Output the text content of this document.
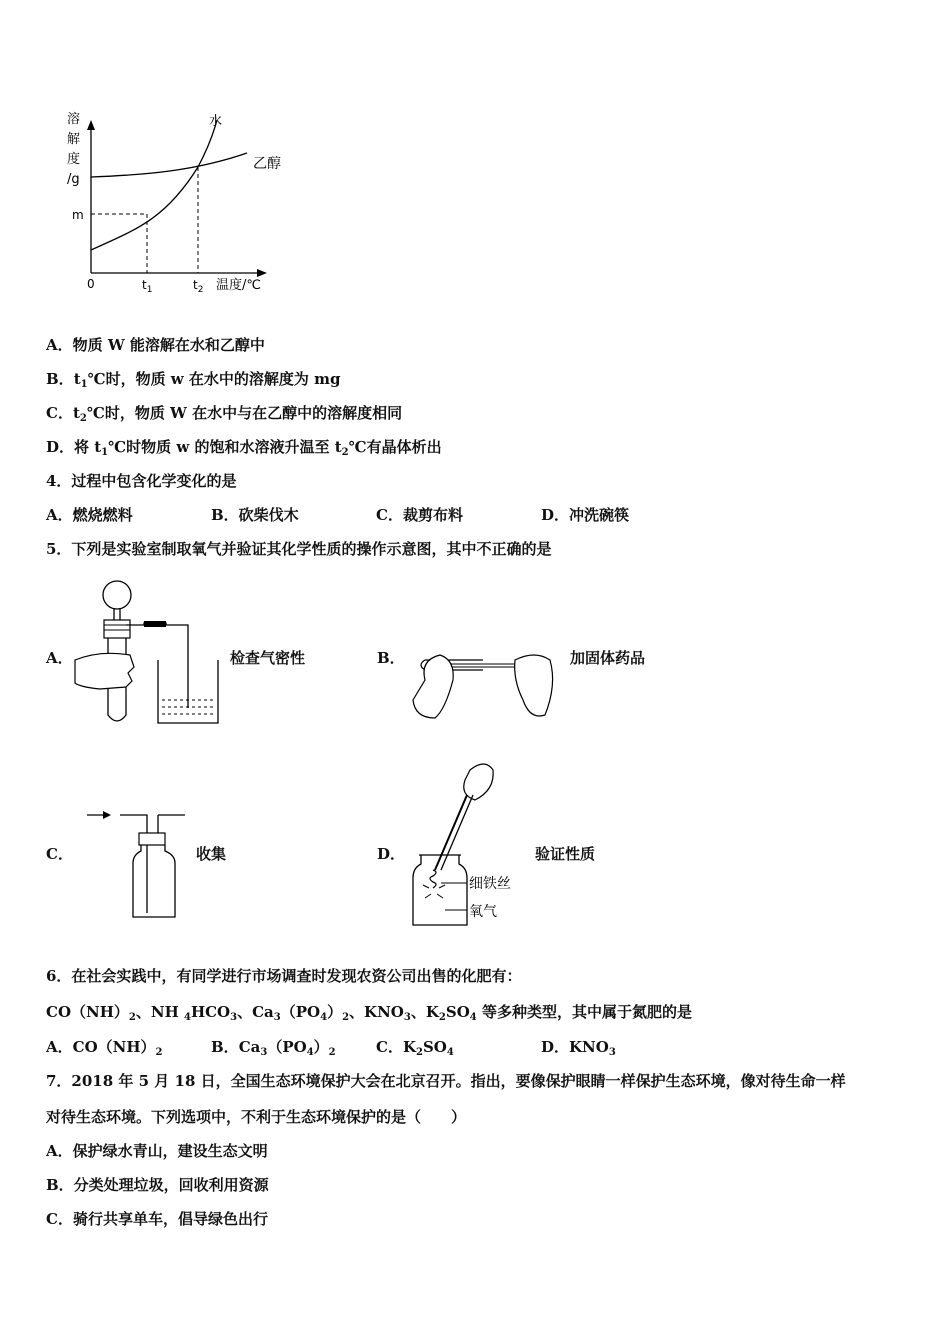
溶
解
度
/g
m
0	$t_1$	$t_2$ 温度/℃
水
乙醇
A．物质 W 能溶解在水和乙醇中
B．$t_1℃$时，物质 w 在水中的溶解度为 mg
C．$t_2℃$时，物质 W 在水中与在乙醇中的溶解度相同
D．将 $t_1℃$时物质 w 的饱和水溶液升温至 $t_2℃$有晶体析出
4．过程中包含化学变化的是
A．燃烧燃料	B．砍柴伐木	C．裁剪布料	D．冲洗碗筷
5．下列是实验室制取氧气并验证其化学性质的操作示意图，其中不正确的是
A．	检查气密性	B．	加固体药品
C．	收集	D．
细铁丝
氧气
验证性质
6．在社会实践中，有同学进行市场调查时发现农资公司出售的化肥有：
$CO(NH)_2$、NH $_4HCO_3$、$Ca_3(PO_4)_2$、$KNO_3$、$K_2SO_4$ 等多种类型，其中属于氮肥的是
A．$CO(NH)_2$	B．$Ca_3(PO_4)_2$	C．$K_2SO_4$	D．$KNO_3$
7．2018 年 5 月 18 日，全国生态环境保护大会在北京召开。指出，要像保护眼睛一样保护生态环境，像对待生命一样
对待生态环境。下列选项中，不利于生态环境保护的是（　　）
A．保护绿水青山，建设生态文明
B．分类处理垃圾，回收利用资源
C．骑行共享单车，倡导绿色出行
